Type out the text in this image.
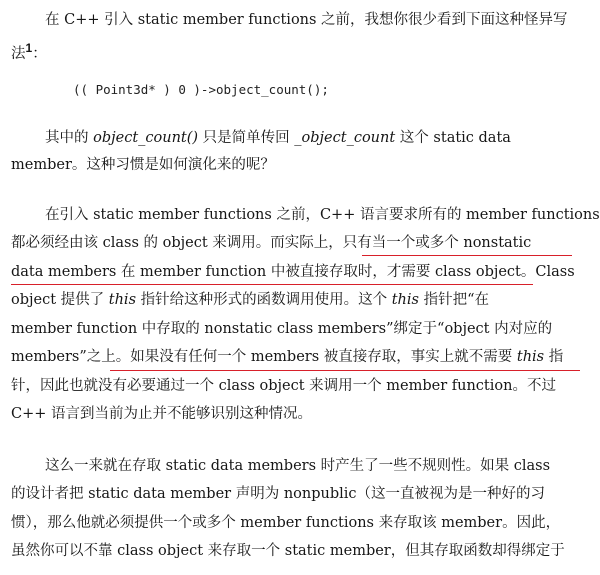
在 C++ 引入 static member functions 之前，我想你很少看到下面这种怪异写
法$^1$：
(( Point3d* ) 0 )->object_count();
其中的 object_count() 只是简单传回 _object_count 这个 static data
member。这种习惯是如何演化来的呢？
在引入 static member functions 之前，C++ 语言要求所有的 member functions
都必须经由该 class 的 object 来调用。而实际上，只有当一个或多个 nonstatic
data members 在 member function 中被直接存取时，才需要 class object。Class
object 提供了 this 指针给这种形式的函数调用使用。这个 this 指针把“在
member function 中存取的 nonstatic class members”绑定于“object 内对应的
members”之上。如果没有任何一个 members 被直接存取，事实上就不需要 this 指
针，因此也就没有必要通过一个 class object 来调用一个 member function。不过
C++ 语言到当前为止并不能够识别这种情况。
这么一来就在存取 static data members 时产生了一些不规则性。如果 class
的设计者把 static data member 声明为 nonpublic（这一直被视为是一种好的习
惯），那么他就必须提供一个或多个 member functions 来存取该 member。因此，
虽然你可以不靠 class object 来存取一个 static member，但其存取函数却得绑定于
